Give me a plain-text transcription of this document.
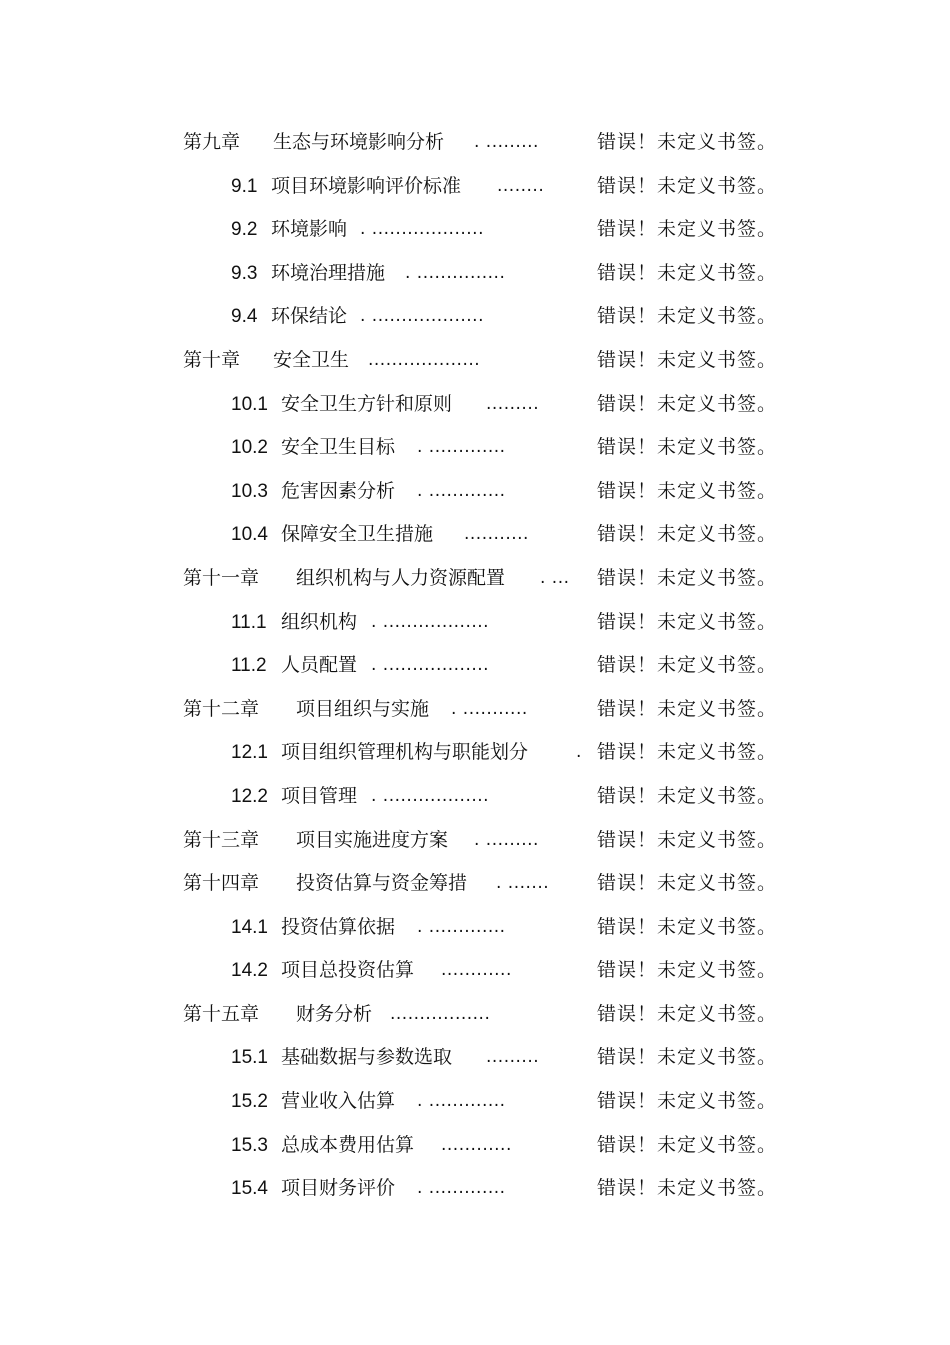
第九章 生态与环境影响分析 . .........	错误！未定义书签。
9.1 项目环境影响评价标准 ........	错误！未定义书签。
9.2 环境影响 . ...................	错误！未定义书签。
9.3 环境治理措施 . ...............	错误！未定义书签。
9.4 环保结论 . ...................	错误！未定义书签。
第十章 安全卫生 ...................	错误！未定义书签。
10.1 安全卫生方针和原则 .........	错误！未定义书签。
10.2 安全卫生目标 . .............	错误！未定义书签。
10.3 危害因素分析 . .............	错误！未定义书签。
10.4 保障安全卫生措施 ...........	错误！未定义书签。
第十一章 组织机构与人力资源配置 . ... 错误！未定义书签。
11.1 组织机构 . ..................	错误！未定义书签。
11.2 人员配置 . ..................	错误！未定义书签。
第十二章 项目组织与实施 . ...........	错误！未定义书签。
12.1 项目组织管理机构与职能划分	. 错误！未定义书签。
12.2 项目管理 . ..................	错误！未定义书签。
第十三章 项目实施进度方案 . .........	错误！未定义书签。
第十四章 投资估算与资金筹措 . .......	错误！未定义书签。
14.1 投资估算依据 . .............	错误！未定义书签。
14.2 项目总投资估算 ............	错误！未定义书签。
第十五章 财务分析 .................	错误！未定义书签。
15.1 基础数据与参数选取 .........	错误！未定义书签。
15.2 营业收入估算 . .............	错误！未定义书签。
15.3 总成本费用估算 ............	错误！未定义书签。
15.4 项目财务评价 . .............	错误！未定义书签。
